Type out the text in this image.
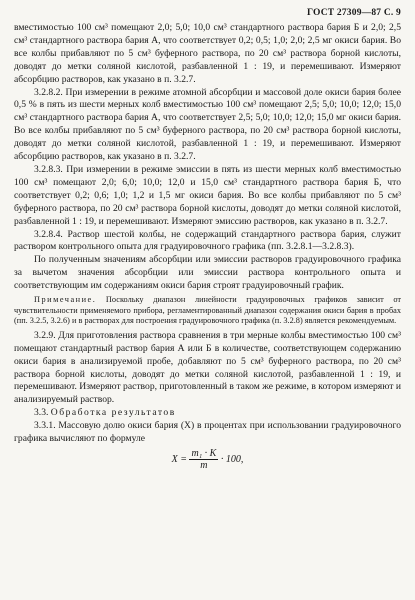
ГОСТ 27309—87 С. 9

вместимостью 100 см³ помещают 2,0; 5,0; 10,0 см³ стандартного раствора бария Б и 2,0; 2,5 см³ стандартного раствора бария А, что соответствует 0,2; 0,5; 1,0; 2,0; 2,5 мг окиси бария. Во все колбы прибавляют по 5 см³ буферного раствора, по 20 см³ раствора борной кислоты, доводят до метки соляной кислотой, разбавленной 1 : 19, и перемешивают. Измеряют абсорбцию растворов, как указано в п. 3.2.7.

3.2.8.2. При измерении в режиме атомной абсорбции и массовой доле окиси бария более 0,5 % в пять из шести мерных колб вместимостью 100 см³ помещают 2,5; 5,0; 10,0; 12,0; 15,0 см³ стандартного раствора бария А, что соответствует 2,5; 5,0; 10,0; 12,0; 15,0 мг окиси бария. Во все колбы прибавляют по 5 см³ буферного раствора, по 20 см³ раствора борной кислоты, доводят до метки соляной кислотой, разбавленной 1 : 19, и перемешивают. Измеряют абсорбцию растворов, как указано в п. 3.2.7.

3.2.8.3. При измерении в режиме эмиссии в пять из шести мерных колб вместимостью 100 см³ помещают 2,0; 6,0; 10,0; 12,0 и 15,0 см³ стандартного раствора бария Б, что соответствует 0,2; 0,6; 1,0; 1,2 и 1,5 мг окиси бария. Во все колбы прибавляют по 5 см³ буферного раствора, по 20 см³ раствора борной кислоты, доводят до метки соляной кислотой, разбавленной 1 : 19, и перемешивают. Измеряют эмиссию растворов, как указано в п. 3.2.7.

3.2.8.4. Раствор шестой колбы, не содержащий стандартного раствора бария, служит раствором контрольного опыта для градуировочного графика (пп. 3.2.8.1—3.2.8.3).

По полученным значениям абсорбции или эмиссии растворов градуировочного графика за вычетом значения абсорбции или эмиссии раствора контрольного опыта и соответствующим им содержаниям окиси бария строят градуировочный график.

Примечание. Поскольку диапазон линейности градуировочных графиков зависит от чувствительности применяемого прибора, регламентированный диапазон содержания окиси бария в пробах (пп. 3.2.5, 3.2.6) и в растворах для построения градуировочного графика (п. 3.2.8) является рекомендуемым.

3.2.9. Для приготовления раствора сравнения в три мерные колбы вместимостью 100 см³ помещают стандартный раствор бария А или Б в количестве, соответствующем содержанию окиси бария в анализируемой пробе, добавляют по 5 см³ буферного раствора, по 20 см³ раствора борной кислоты, доводят до метки соляной кислотой, разбавленной 1 : 19, и перемешивают. Измеряют раствор, приготовленный в таком же режиме, в котором измеряют и анализируемый раствор.

3.3. Обработка результатов

3.3.1. Массовую долю окиси бария (X) в процентах при использовании градуировочного графика вычисляют по формуле

$X = \frac{\text{m₁ · K}}{m} \cdot 100$,
